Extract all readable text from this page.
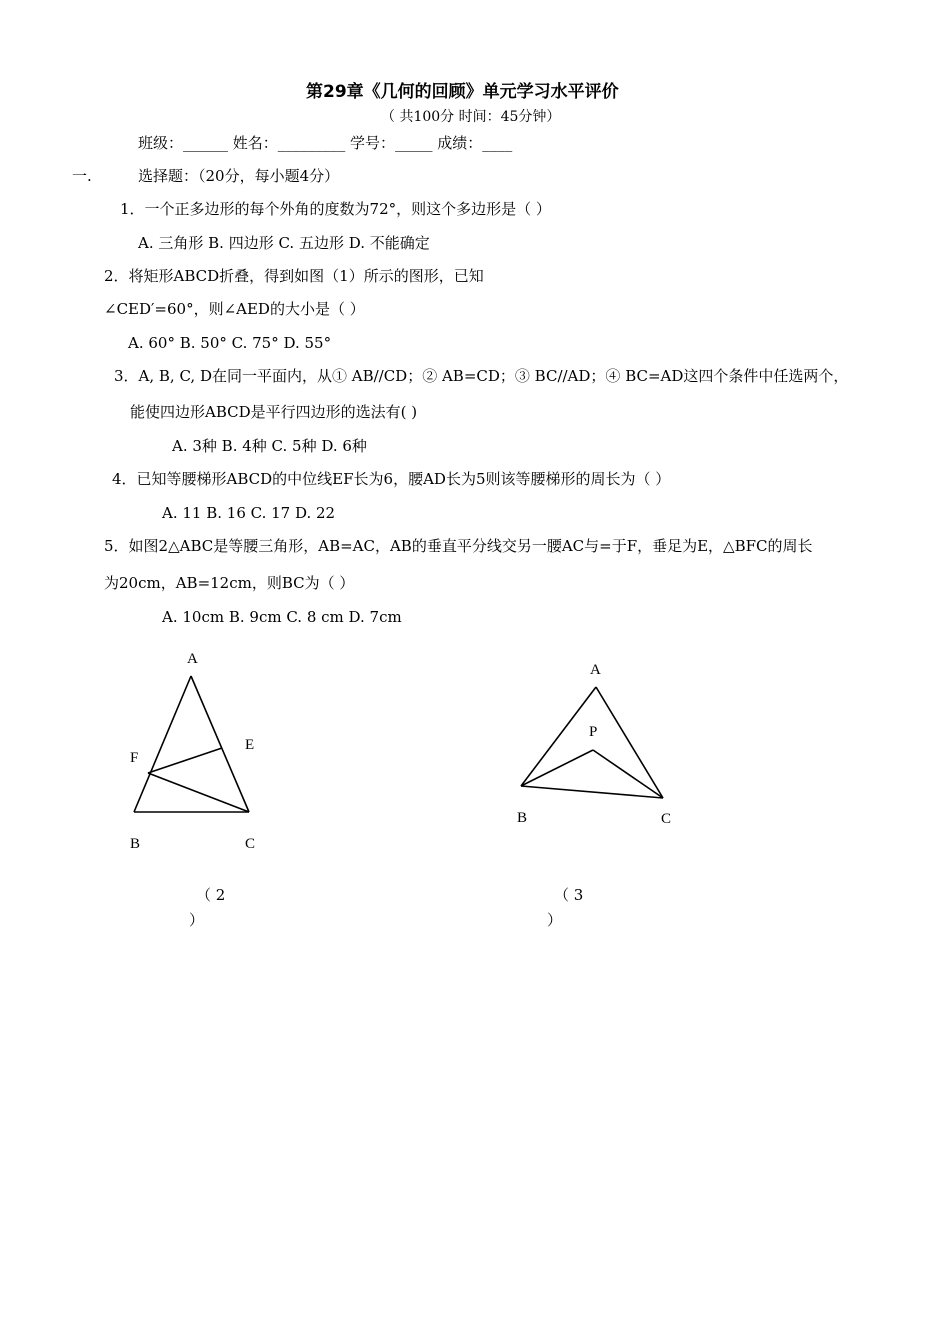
第29章《几何的回顾》单元学习水平评价
（ 共100分 时间：45分钟）
班级：______ 姓名：_________ 学号：_____ 成绩：____
一.	选择题：（20分，每小题4分）
1．一个正多边形的每个外角的度数为72°，则这个多边形是（ ）
A. 三角形 B. 四边形 C. 五边形 D. 不能确定
2．将矩形ABCD折叠，得到如图（1）所示的图形，已知
∠CED′=60°，则∠AED的大小是（ ）
A. 60° B. 50° C. 75° D. 55°
3．A, B, C, D在同一平面内，从① AB//CD；② AB=CD；③ BC//AD；④ BC=AD这四个条件中任选两个，
能使四边形ABCD是平行四边形的选法有( )
A. 3种 B. 4种 C. 5种 D. 6种
4．已知等腰梯形ABCD的中位线EF长为6，腰AD长为5则该等腰梯形的周长为（ ）
A. 11 B. 16 C. 17 D. 22
5．如图2△ABC是等腰三角形，AB=AC，AB的垂直平分线交另一腰AC与=于F，垂足为E，△BFC的周长
为20cm，AB=12cm，则BC为（ ）
A. 10cm B. 9cm C. 8 cm D. 7cm
A
E
F
B	C
（ 2
）
A
P
B	C
（ 3
）
